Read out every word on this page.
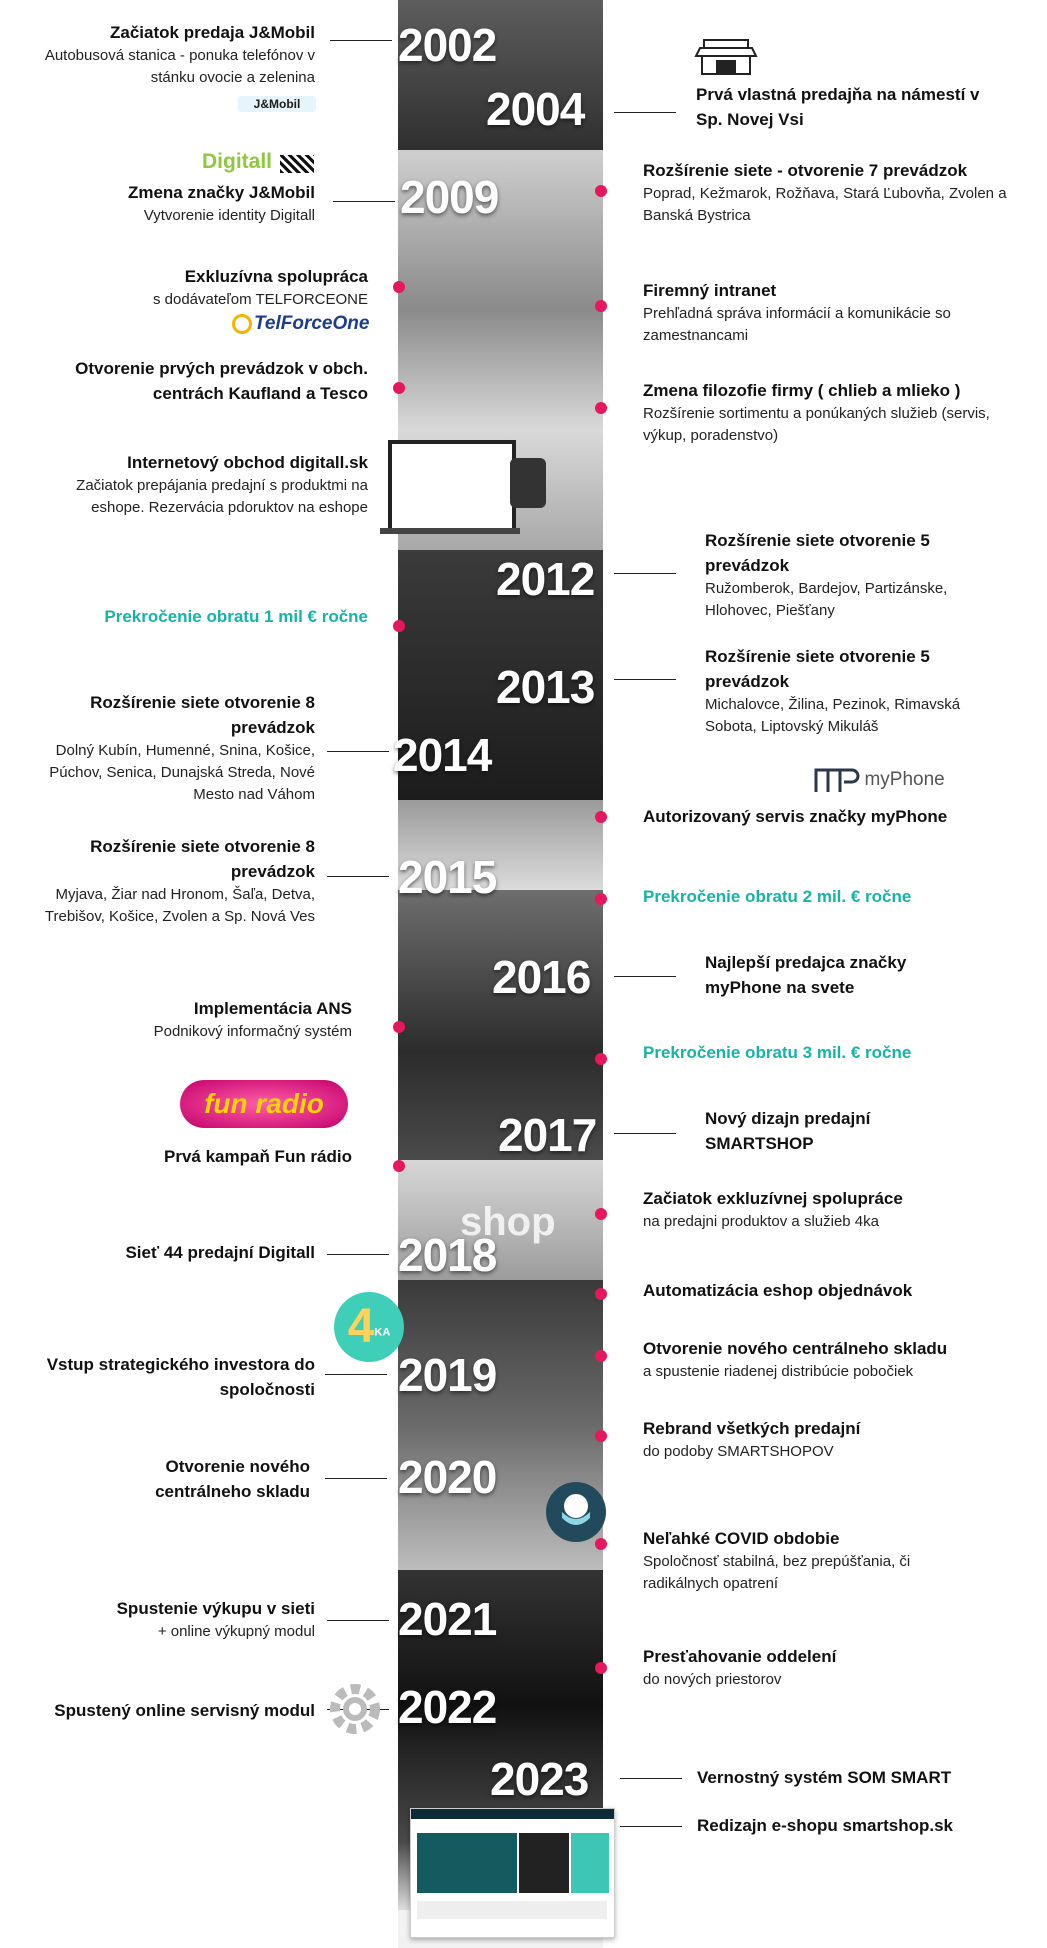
2002
2004
2009
2012
2013
2014
2015
2016
2017
2018
2019
2020
2021
2022
2023
J&Mobil
Digitall
TelForceOne
myPhone
fun radio
$4^{KA}$
shop
Začiatok predaja J&Mobil
Autobusová stanica - ponuka telefónov v stánku ovocie a zelenina
Zmena značky J&Mobil
Vytvorenie identity Digitall
Exkluzívna spolupráca
s dodávateľom TELFORCEONE
Otvorenie prvých prevádzok v obch. centrách Kaufland a Tesco
Internetový obchod digitall.sk
Začiatok prepájania predajní s produktmi na eshope. Rezervácia pdoruktov na eshope
Prekročenie obratu 1 mil € ročne
Rozšírenie siete otvorenie 8 prevádzok
Dolný Kubín, Humenné, Snina, Košice, Púchov, Senica, Dunajská Streda, Nové Mesto nad Váhom
Rozšírenie siete otvorenie 8 prevádzok
Myjava, Žiar nad Hronom, Šaľa, Detva, Trebišov, Košice, Zvolen a Sp. Nová Ves
Implementácia ANS
Podnikový informačný systém
Prvá kampaň Fun rádio
Sieť 44 predajní Digitall
Vstup strategického investora do spoločnosti
Otvorenie nového centrálneho skladu
Spustenie výkupu v sieti
+ online výkupný modul
Spustený online servisný modul
Prvá vlastná predajňa na námestí v Sp. Novej Vsi
Rozšírenie siete - otvorenie 7 prevádzok
Poprad, Kežmarok, Rožňava, Stará Ľubovňa, Zvolen a Banská Bystrica
Firemný intranet
Prehľadná správa informácií a komunikácie so zamestnancami
Zmena filozofie firmy ( chlieb a mlieko )
Rozšírenie sortimentu a ponúkaných služieb (servis, výkup, poradenstvo)
Rozšírenie siete otvorenie 5 prevádzok
Ružomberok, Bardejov, Partizánske, Hlohovec, Piešťany
Rozšírenie siete otvorenie 5 prevádzok
Michalovce, Žilina, Pezinok, Rimavská Sobota, Liptovský Mikuláš
Autorizovaný servis značky myPhone
Prekročenie obratu 2 mil. € ročne
Najlepší predajca značky myPhone na svete
Prekročenie obratu 3 mil. € ročne
Nový dizajn predajní SMARTSHOP
Začiatok exkluzívnej spolupráce
na predajni produktov a služieb 4ka
Automatizácia eshop objednávok
Otvorenie nového centrálneho skladu
a spustenie riadenej distribúcie pobočiek
Rebrand všetkých predajní
do podoby SMARTSHOPOV
Neľahké COVID obdobie
Spoločnosť stabilná, bez prepúšťania, či radikálnych opatrení
Presťahovanie oddelení
do nových priestorov
Vernostný systém SOM SMART
Redizajn e-shopu smartshop.sk
